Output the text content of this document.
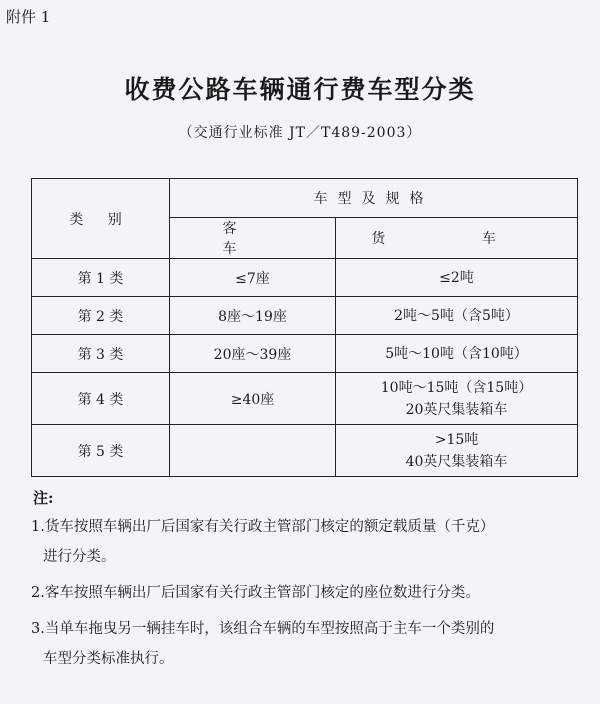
附件 1
收费公路车辆通行费车型分类
（交通行业标准 JT／T489-2003）
类 别	车型及规格	
	客 车	货 车
第 1 类	≤7座	≤2吨

第 2 类	8座～19座	2吨～5吨（含5吨）

第 3 类	20座～39座	5吨～10吨（含10吨）

第 4 类	≥40座	10吨～15吨（含15吨）
20英尺集装箱车

第 5 类		>15吨
40英尺集装箱车
注:
1.货车按照车辆出厂后国家有关行政主管部门核定的额定载质量（千克）
进行分类。
2.客车按照车辆出厂后国家有关行政主管部门核定的座位数进行分类。
3.当单车拖曳另一辆挂车时，该组合车辆的车型按照高于主车一个类别的
车型分类标准执行。
